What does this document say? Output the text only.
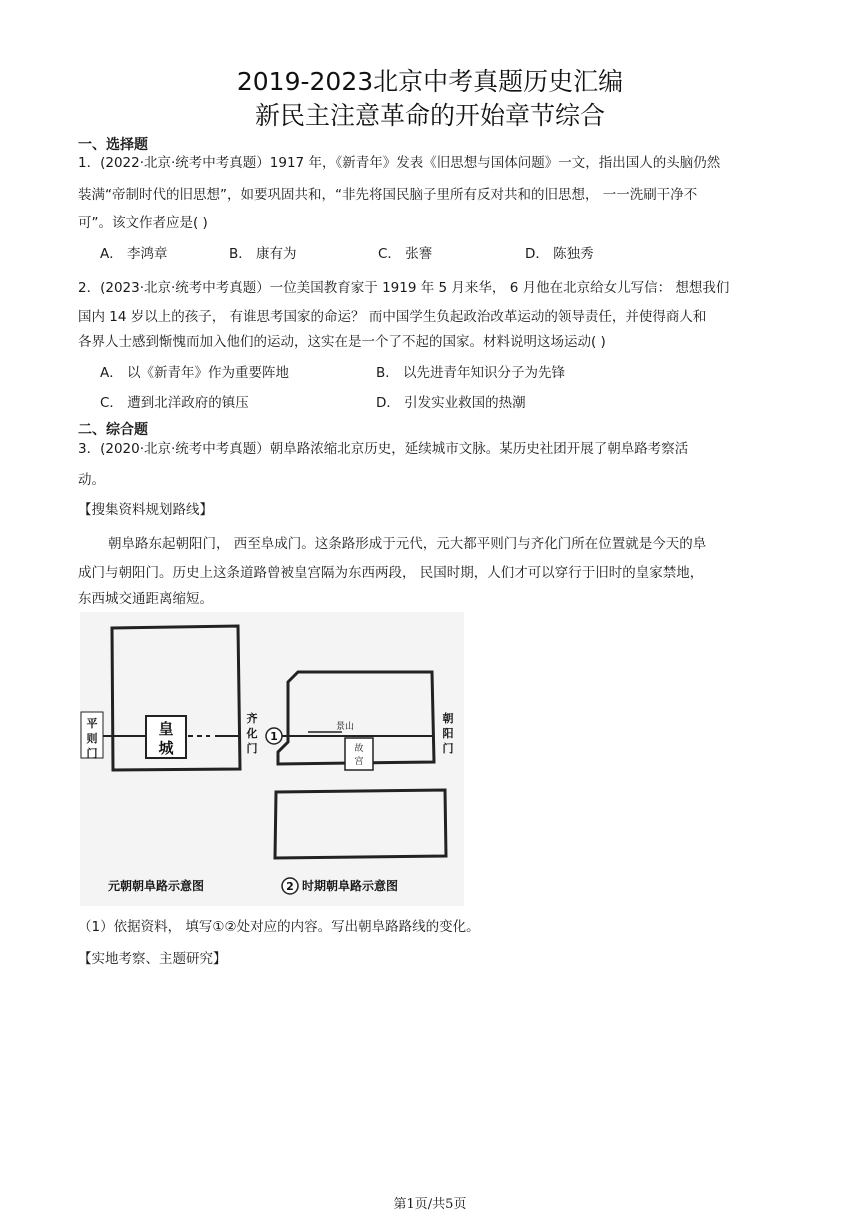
2019-2023北京中考真题历史汇编
新民主注意革命的开始章节综合
一、选择题
1．(2022·北京·统考中考真题）1917 年，《新青年》发表《旧思想与国体问题》一文，指出国人的头脑仍然
装满“帝制时代的旧思想”，如要巩固共和，“非先将国民脑子里所有反对共和的旧思想， 一一洗刷干净不
可”。该文作者应是( )
A． 李鸿章	B． 康有为	C． 张謇	D． 陈独秀
2．(2023·北京·统考中考真题）一位美国教育家于 1919 年 5 月来华， 6 月他在北京给女儿写信： 想想我们
国内 14 岁以上的孩子， 有谁思考国家的命运？ 而中国学生负起政治改革运动的领导责任，并使得商人和
各界人士感到惭愧而加入他们的运动，这实在是一个了不起的国家。材料说明这场运动( )
A． 以《新青年》作为重要阵地	B． 以先进青年知识分子为先锋
C． 遭到北洋政府的镇压	D． 引发实业救国的热潮
二、综合题
3．(2020·北京·统考中考真题）朝阜路浓缩北京历史，延续城市文脉。某历史社团开展了朝阜路考察活
动。
【搜集资料规划路线】
朝阜路东起朝阳门， 西至阜成门。这条路形成于元代，元大都平则门与齐化门所在位置就是今天的阜
成门与朝阳门。历史上这条道路曾被皇宫隔为东西两段， 民国时期，人们才可以穿行于旧时的皇家禁地，
东西城交通距离缩短。
平
则
门
皇
城
齐
化
门
1
景山
故
宫
朝
阳
门
元朝朝阜路示意图	2 时期朝阜路示意图
（1）依据资料， 填写①②处对应的内容。写出朝阜路路线的变化。
【实地考察、主题研究】
第1页/共5页
